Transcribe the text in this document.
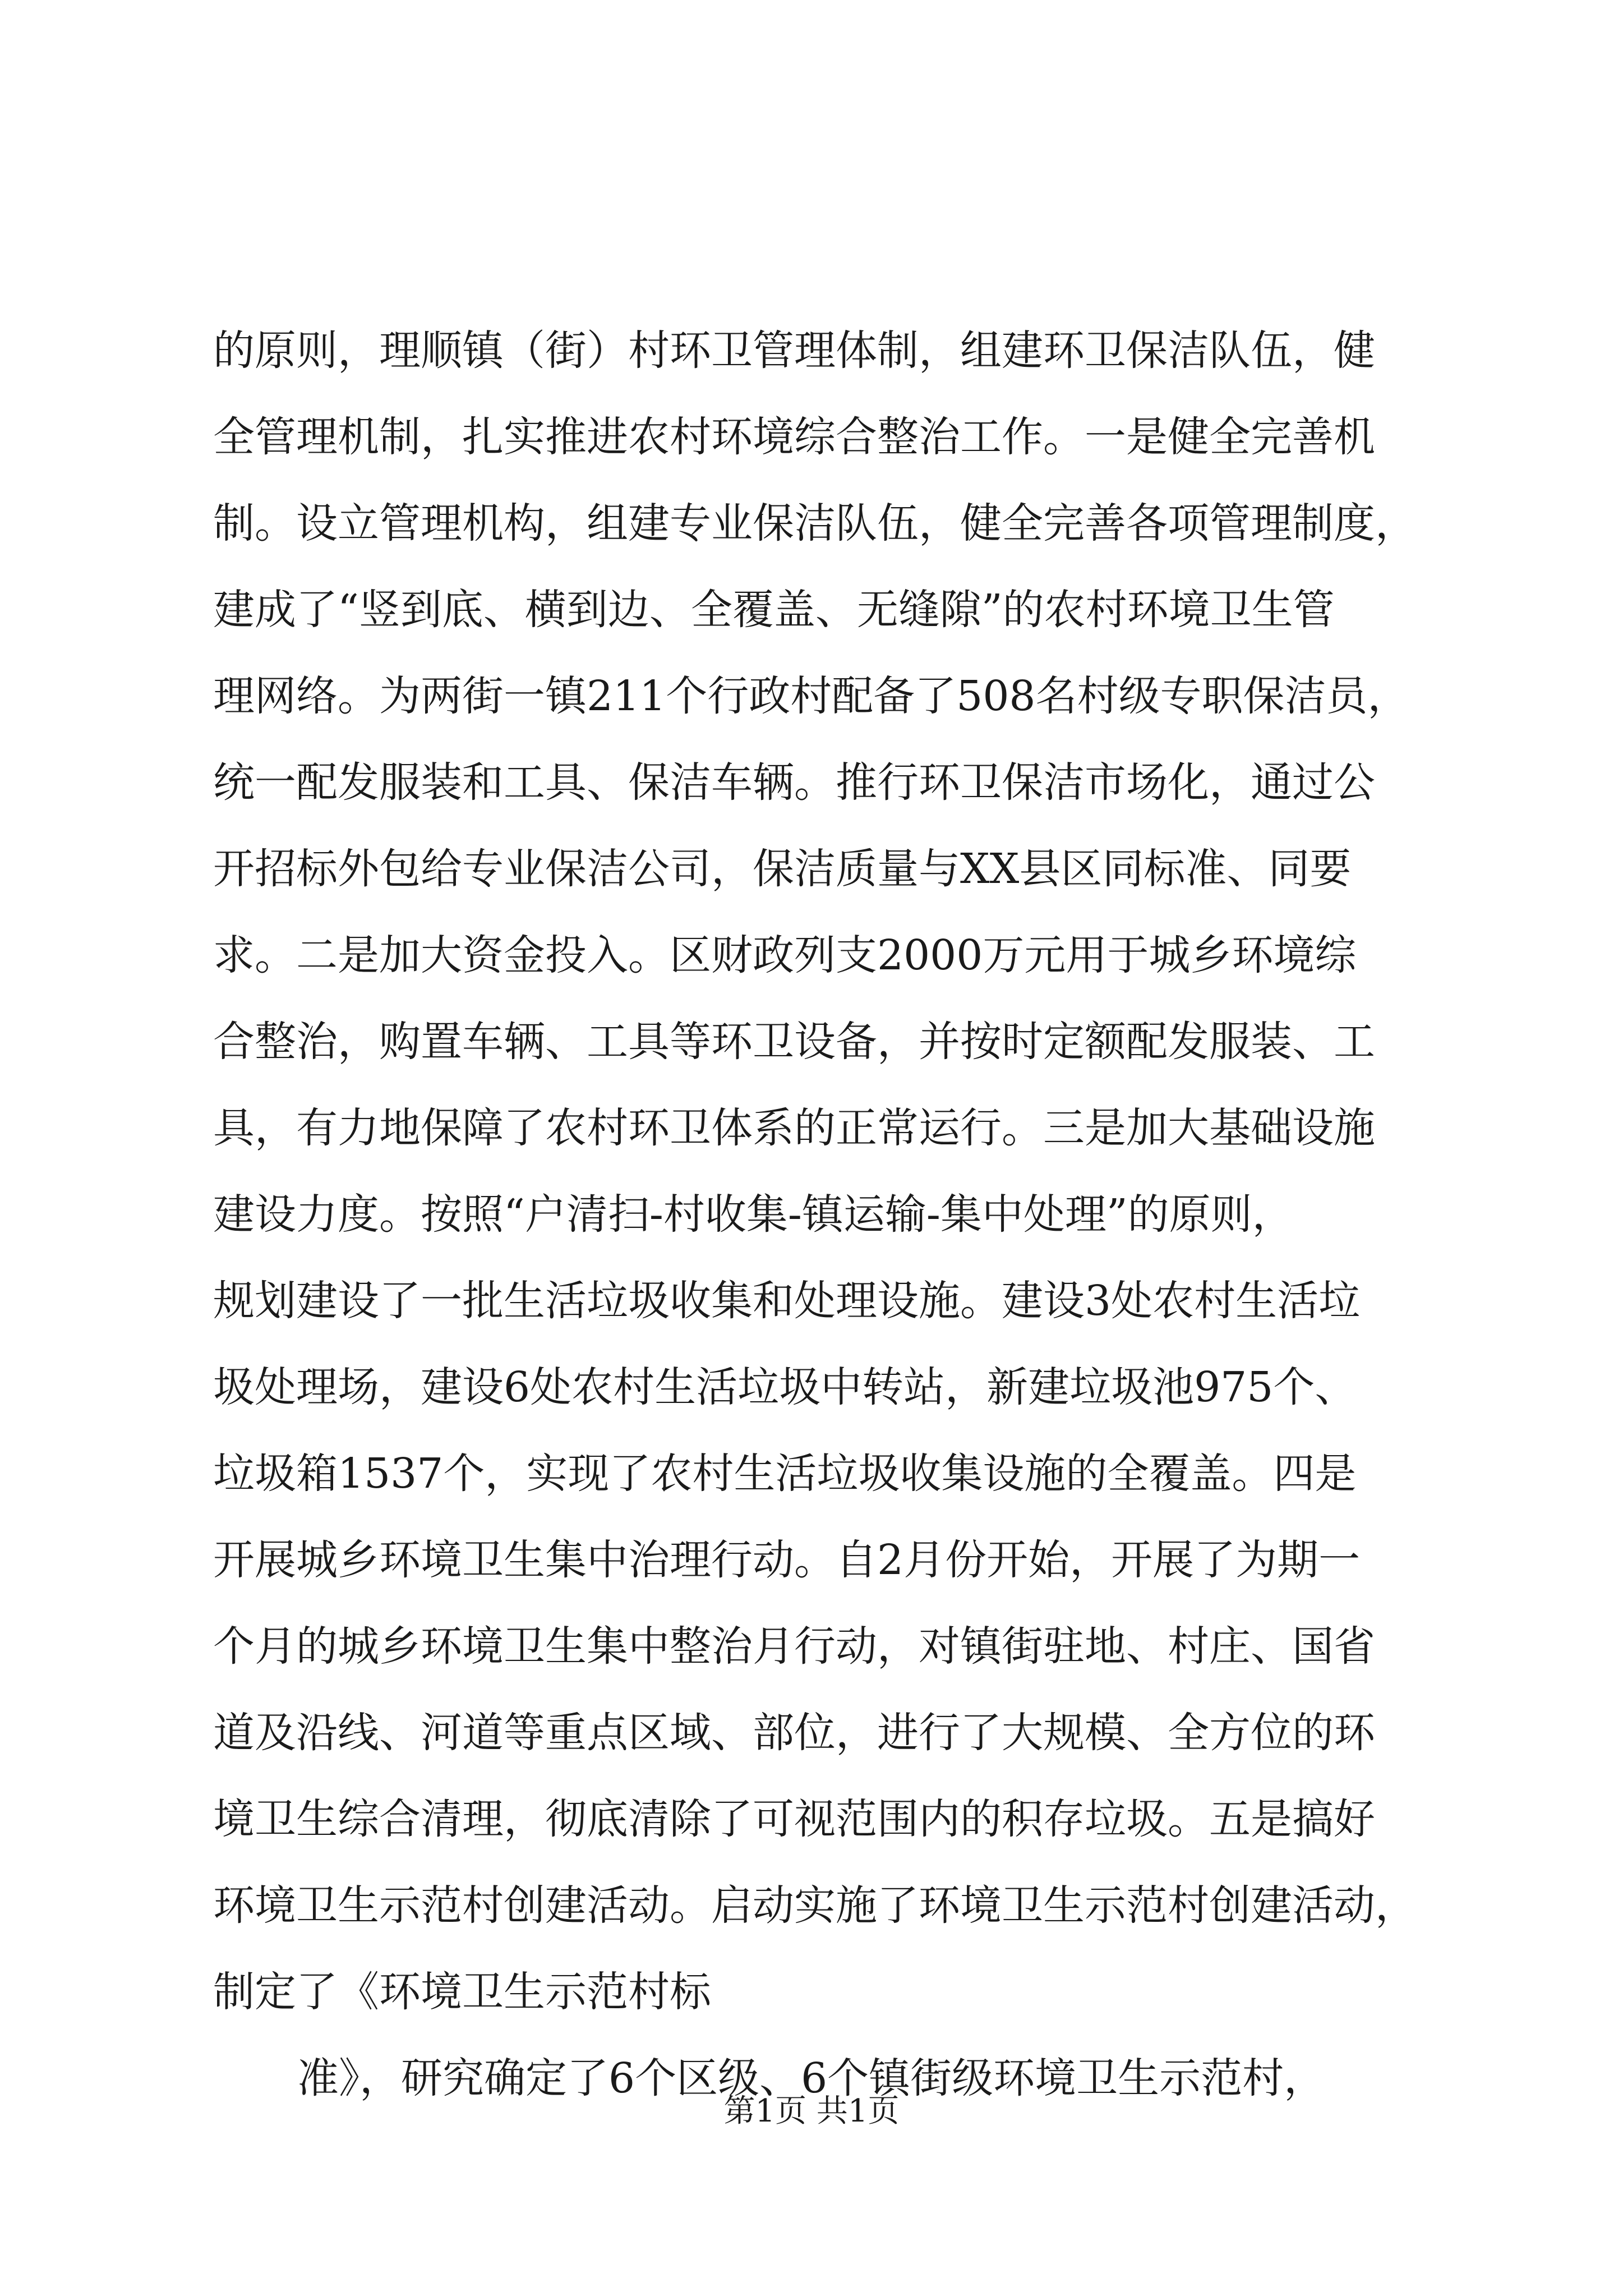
的原则，理顺镇（街）村环卫管理体制，组建环卫保洁队伍，健
全管理机制，扎实推进农村环境综合整治工作。一是健全完善机
制。设立管理机构，组建专业保洁队伍，健全完善各项管理制度，
建成了“竖到底、横到边、全覆盖、无缝隙”的农村环境卫生管
理网络。为两街一镇211个行政村配备了508名村级专职保洁员，
统一配发服装和工具、保洁车辆。推行环卫保洁市场化，通过公
开招标外包给专业保洁公司，保洁质量与XX县区同标准、同要
求。二是加大资金投入。区财政列支2000万元用于城乡环境综
合整治，购置车辆、工具等环卫设备，并按时定额配发服装、工
具，有力地保障了农村环卫体系的正常运行。三是加大基础设施
建设力度。按照“户清扫-村收集-镇运输-集中处理”的原则，
规划建设了一批生活垃圾收集和处理设施。建设3处农村生活垃
圾处理场，建设6处农村生活垃圾中转站，新建垃圾池975个、
垃圾箱1537个，实现了农村生活垃圾收集设施的全覆盖。四是
开展城乡环境卫生集中治理行动。自2月份开始，开展了为期一
个月的城乡环境卫生集中整治月行动，对镇街驻地、村庄、国省
道及沿线、河道等重点区域、部位，进行了大规模、全方位的环
境卫生综合清理，彻底清除了可视范围内的积存垃圾。五是搞好
环境卫生示范村创建活动。启动实施了环境卫生示范村创建活动，
制定了《环境卫生示范村标
准》，研究确定了6个区级、6个镇街级环境卫生示范村，
第1页 共1页
